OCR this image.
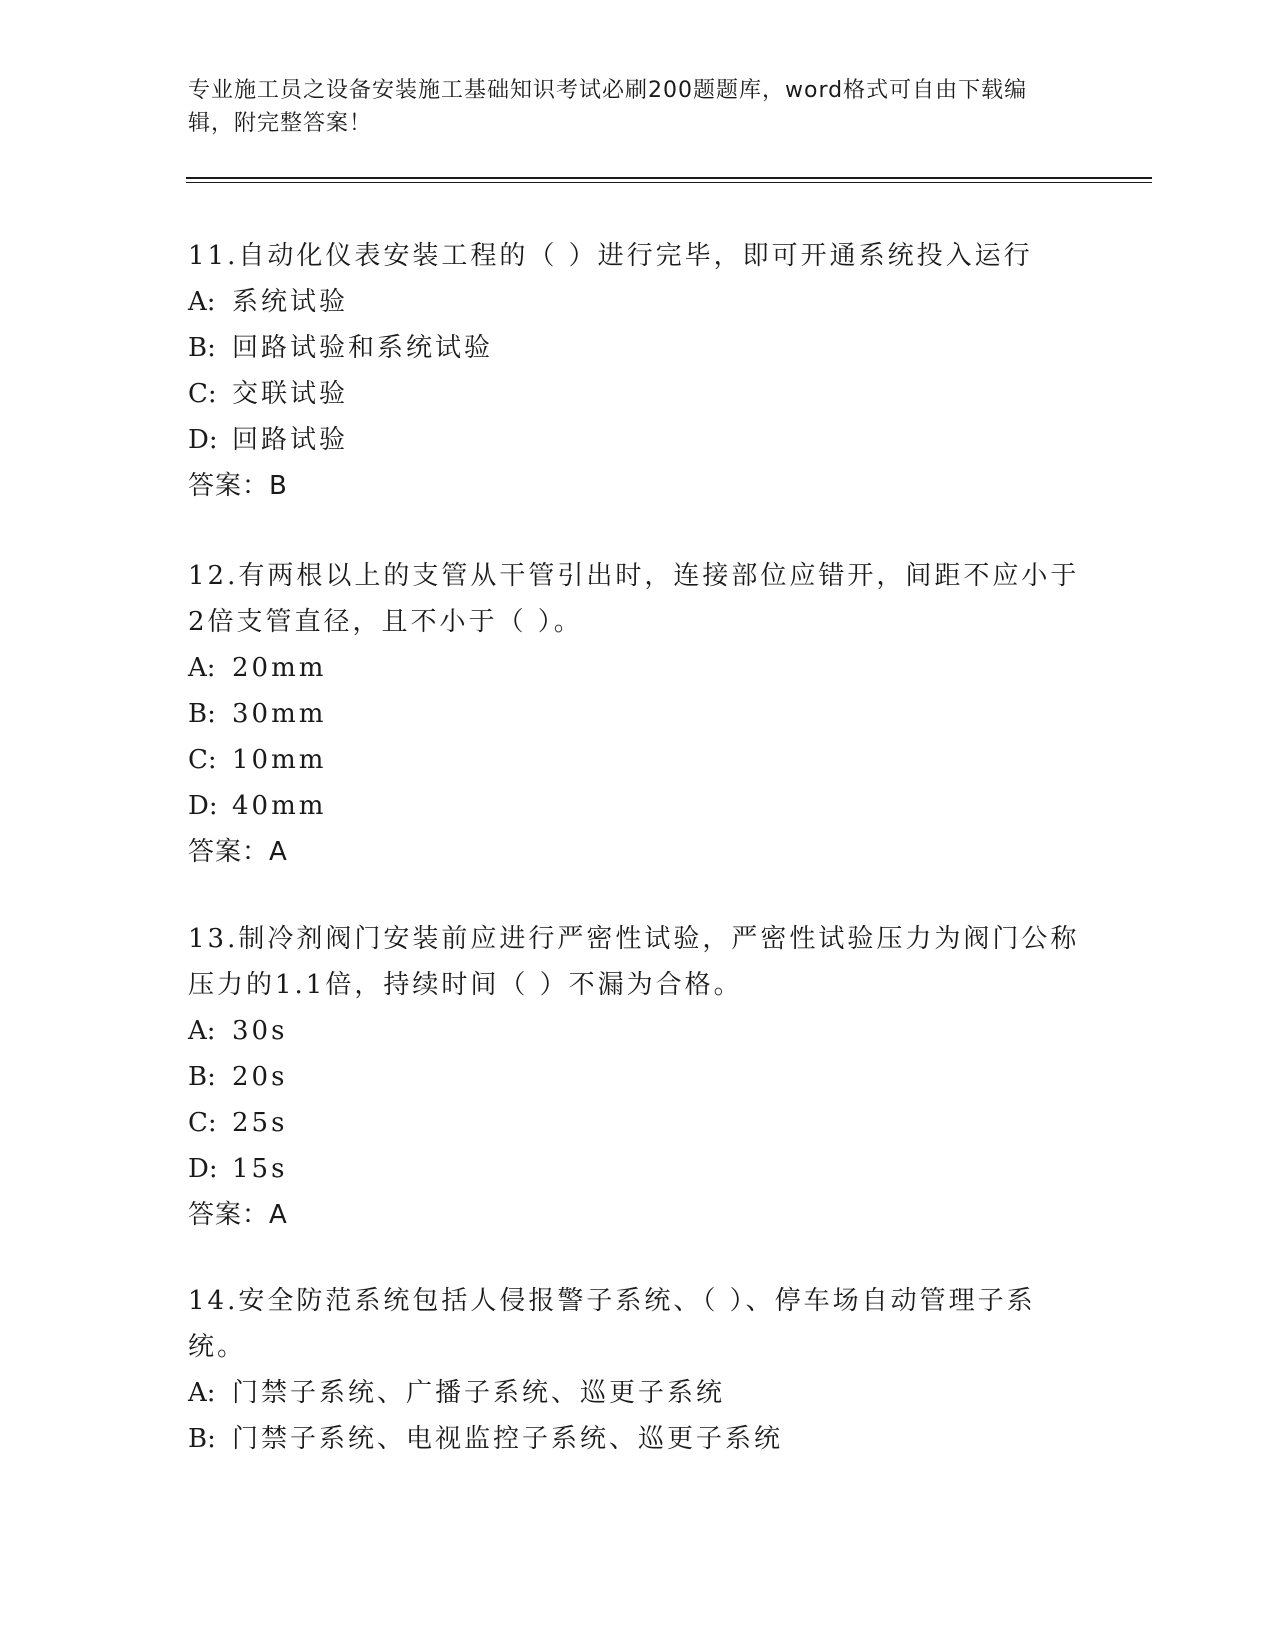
专业施工员之设备安装施工基础知识考试必刷200题题库，word格式可自由下载编辑，附完整答案！

11.自动化仪表安装工程的（ ）进行完毕，即可开通系统投入运行

A: 系统试验

B: 回路试验和系统试验

C: 交联试验

D: 回路试验

答案：B

12.有两根以上的支管从干管引出时，连接部位应错开，间距不应小于2倍支管直径，且不小于（ ）。

A: 20mm

B: 30mm

C: 10mm

D: 40mm

答案：A

13.制冷剂阀门安装前应进行严密性试验，严密性试验压力为阀门公称压力的1.1倍，持续时间（ ）不漏为合格。

A: 30s

B: 20s

C: 25s

D: 15s

答案：A

14.安全防范系统包括人侵报警子系统、（ ）、停车场自动管理子系统。

A: 门禁子系统、广播子系统、巡更子系统

B: 门禁子系统、电视监控子系统、巡更子系统
